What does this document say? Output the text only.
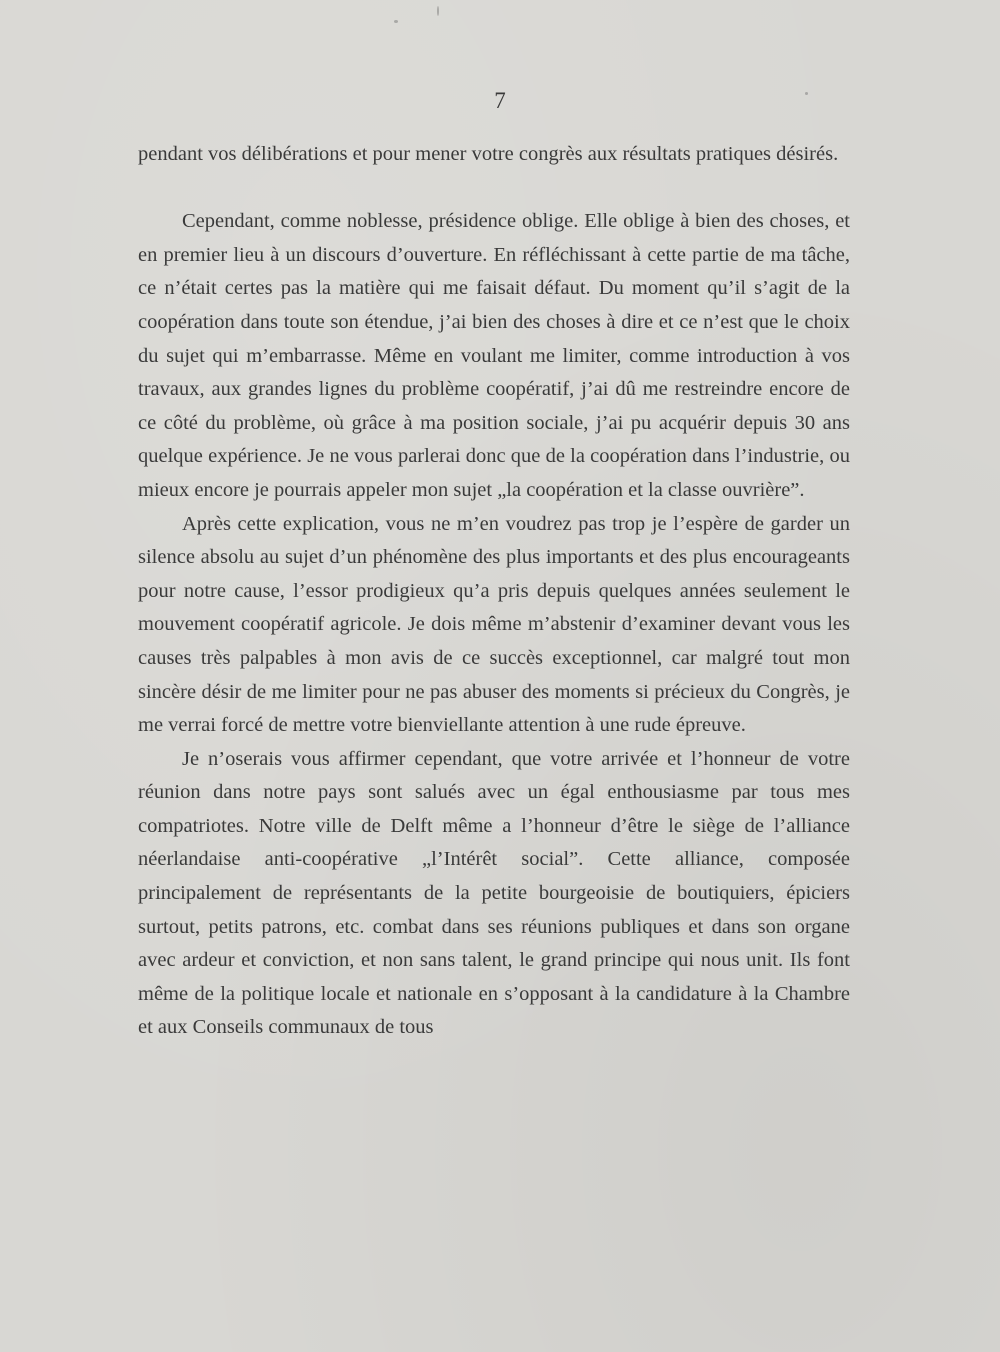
7

pendant vos délibérations et pour mener votre congrès aux résultats pratiques désirés.

Cependant, comme noblesse, présidence oblige. Elle oblige à bien des choses, et en premier lieu à un discours d’ouverture. En réfléchissant à cette partie de ma tâche, ce n’était certes pas la matière qui me faisait défaut. Du moment qu’il s’agit de la coopération dans toute son étendue, j’ai bien des choses à dire et ce n’est que le choix du sujet qui m’embarrasse. Même en voulant me limiter, comme introduction à vos travaux, aux grandes lignes du problème coopératif, j’ai dû me restreindre encore de ce côté du problème, où grâce à ma position sociale, j’ai pu acquérir depuis 30 ans quelque expérience. Je ne vous parlerai donc que de la coopération dans l’industrie, ou mieux encore je pourrais appeler mon sujet „la coopération et la classe ouvrière”.

Après cette explication, vous ne m’en voudrez pas trop je l’espère de garder un silence absolu au sujet d’un phénomène des plus importants et des plus encourageants pour notre cause, l’essor prodigieux qu’a pris depuis quelques années seulement le mouvement coopératif agricole. Je dois même m’abstenir d’examiner devant vous les causes très palpables à mon avis de ce succès exceptionnel, car malgré tout mon sincère désir de me limiter pour ne pas abuser des moments si précieux du Congrès, je me verrai forcé de mettre votre bienviellante attention à une rude épreuve.

Je n’oserais vous affirmer cependant, que votre arrivée et l’honneur de votre réunion dans notre pays sont salués avec un égal enthousiasme par tous mes compatriotes. Notre ville de Delft même a l’honneur d’être le siège de l’alliance néerlandaise anti-coopérative „l’Intérêt social”. Cette alliance, composée principalement de représentants de la petite bourgeoisie de boutiquiers, épiciers surtout, petits patrons, etc. combat dans ses réunions publiques et dans son organe avec ardeur et conviction, et non sans talent, le grand principe qui nous unit. Ils font même de la politique locale et nationale en s’opposant à la candidature à la Chambre et aux Conseils communaux de tous
